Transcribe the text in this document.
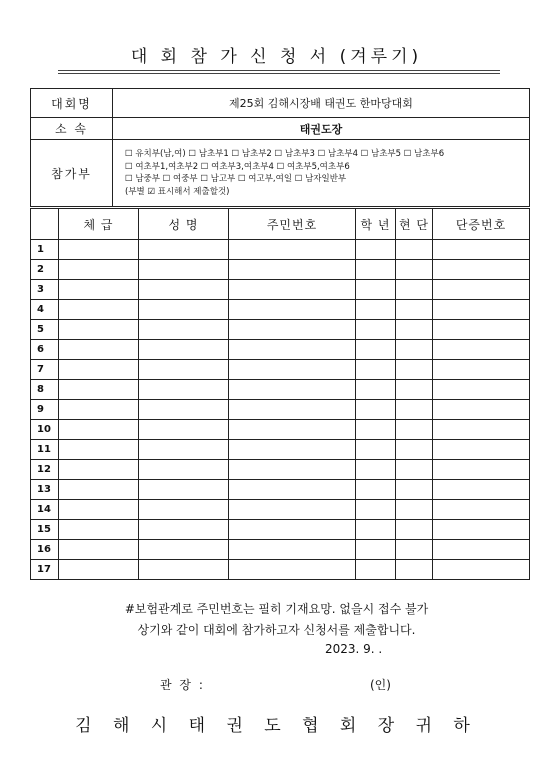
대 회 참 가 신 청 서 (겨루기)
대회명	제25회 김해시장배 태권도 한마당대회
소 속	태권도장
참가부	☐ 유치부(남,여) ☐ 남초부1 ☐ 남초부2 ☐ 남초부3 ☐ 남초부4 ☐ 남초부5 ☐ 남초부6
☐ 여초부1,여초부2 ☐ 여초부3,여초부4 ☐ 여초부5,여초부6
☐ 남중부 ☐ 여중부 ☐ 남고부 ☐ 여고부,여일 ☐ 남자일반부
(부별 ☑ 표시해서 제출할것)
	체 급	성 명	주민번호	학 년	현 단	단증번호
1						
2						
3						
4						
5						
6						
7						
8						
9						
10						
11						
12						
13						
14						
15						
16						
17						
#보험관계로 주민번호는 필히 기재요망. 없을시 접수 불가
상기와 같이 대회에 참가하고자 신청서를 제출합니다.
2023. 9. .
관 장 :	(인)
김 해 시 태 권 도 협 회 장 귀 하
